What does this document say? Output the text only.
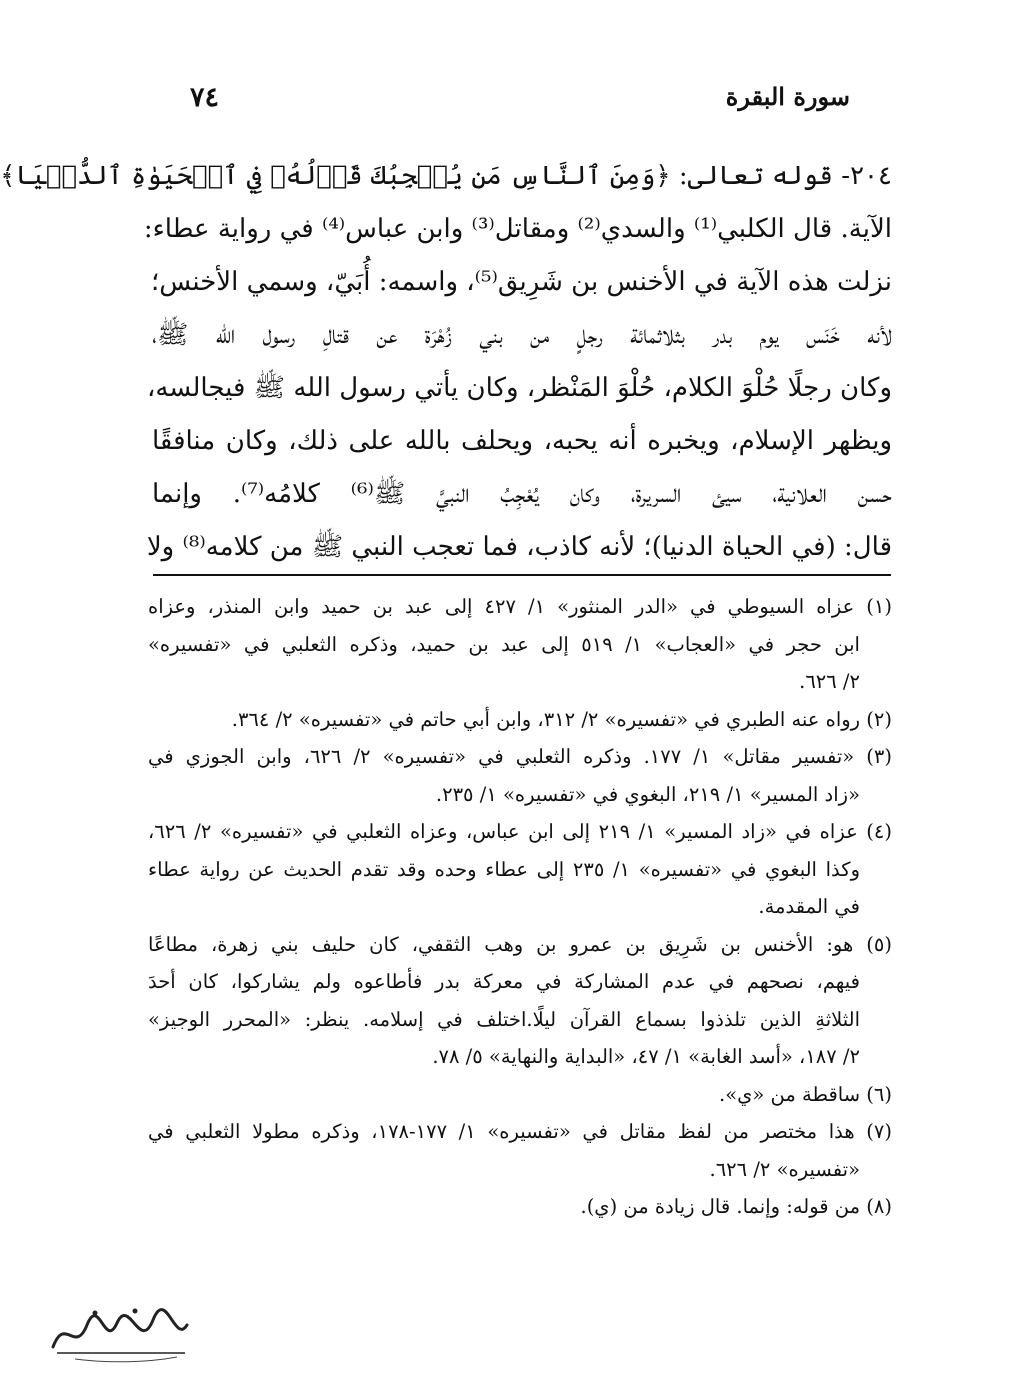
٧٤	سورة البقرة
٢٠٤- قوله تعالى: ﴿وَمِنَ ٱلنَّاسِ مَن يُعۡجِبُكَ قَوۡلُهُۥ فِي ٱلۡحَيَوٰةِ ٱلدُّنۡيَا﴾
الآية. قال الكلبي⁽¹⁾ والسدي⁽²⁾ ومقاتل⁽³⁾ وابن عباس⁽⁴⁾ في رواية عطاء:
نزلت هذه الآية في الأخنس بن شَرِيق⁽⁵⁾، واسمه: أُبَيّ، وسمي الأخنس؛
لأنه خَنَس يوم بدر بثلاثمائة رجلٍ من بني زُهْرَة عن قتالِ رسول الله ﷺ،
وكان رجلًا حُلْوَ الكلام، حُلْوَ المَنْظر، وكان يأتي رسول الله ﷺ فيجالسه،
ويظهر الإسلام، ويخبره أنه يحبه، ويحلف بالله على ذلك، وكان منافقًا
حسن العلانية، سيئ السريرة، وكان يُعْجِبُ النبيَّ ﷺ⁽⁶⁾ كلامُه⁽⁷⁾. وإنما
قال: (في الحياة الدنيا)؛ لأنه كاذب، فما تعجب النبي ﷺ من كلامه⁽⁸⁾ ولا
(١) عزاه السيوطي في «الدر المنثور» ١/ ٤٢٧ إلى عبد بن حميد وابن المنذر، وعزاه
ابن حجر في «العجاب» ١/ ٥١٩ إلى عبد بن حميد، وذكره الثعلبي في «تفسيره»
٢/ ٦٢٦.
(٢) رواه عنه الطبري في «تفسيره» ٢/ ٣١٢، وابن أبي حاتم في «تفسيره» ٢/ ٣٦٤.
(٣) «تفسير مقاتل» ١/ ١٧٧. وذكره الثعلبي في «تفسيره» ٢/ ٦٢٦، وابن الجوزي في
«زاد المسير» ١/ ٢١٩، البغوي في «تفسيره» ١/ ٢٣٥.
(٤) عزاه في «زاد المسير» ١/ ٢١٩ إلى ابن عباس، وعزاه الثعلبي في «تفسيره» ٢/ ٦٢٦،
وكذا البغوي في «تفسيره» ١/ ٢٣٥ إلى عطاء وحده وقد تقدم الحديث عن رواية عطاء
في المقدمة.
(٥) هو: الأخنس بن شَرِيق بن عمرو بن وهب الثقفي، كان حليف بني زهرة، مطاعًا
فيهم، نصحهم في عدم المشاركة في معركة بدر فأطاعوه ولم يشاركوا، كان أحدَ
الثلاثةِ الذين تلذذوا بسماع القرآن ليلًا.اختلف في إسلامه. ينظر: «المحرر الوجيز»
٢/ ١٨٧، «أسد الغابة» ١/ ٤٧، «البداية والنهاية» ٥/ ٧٨.
(٦) ساقطة من «ي».
(٧) هذا مختصر من لفظ مقاتل في «تفسيره» ١/ ١٧٧-١٧٨، وذكره مطولا الثعلبي في
«تفسيره» ٢/ ٦٢٦.
(٨) من قوله: وإنما. قال زيادة من (ي).
